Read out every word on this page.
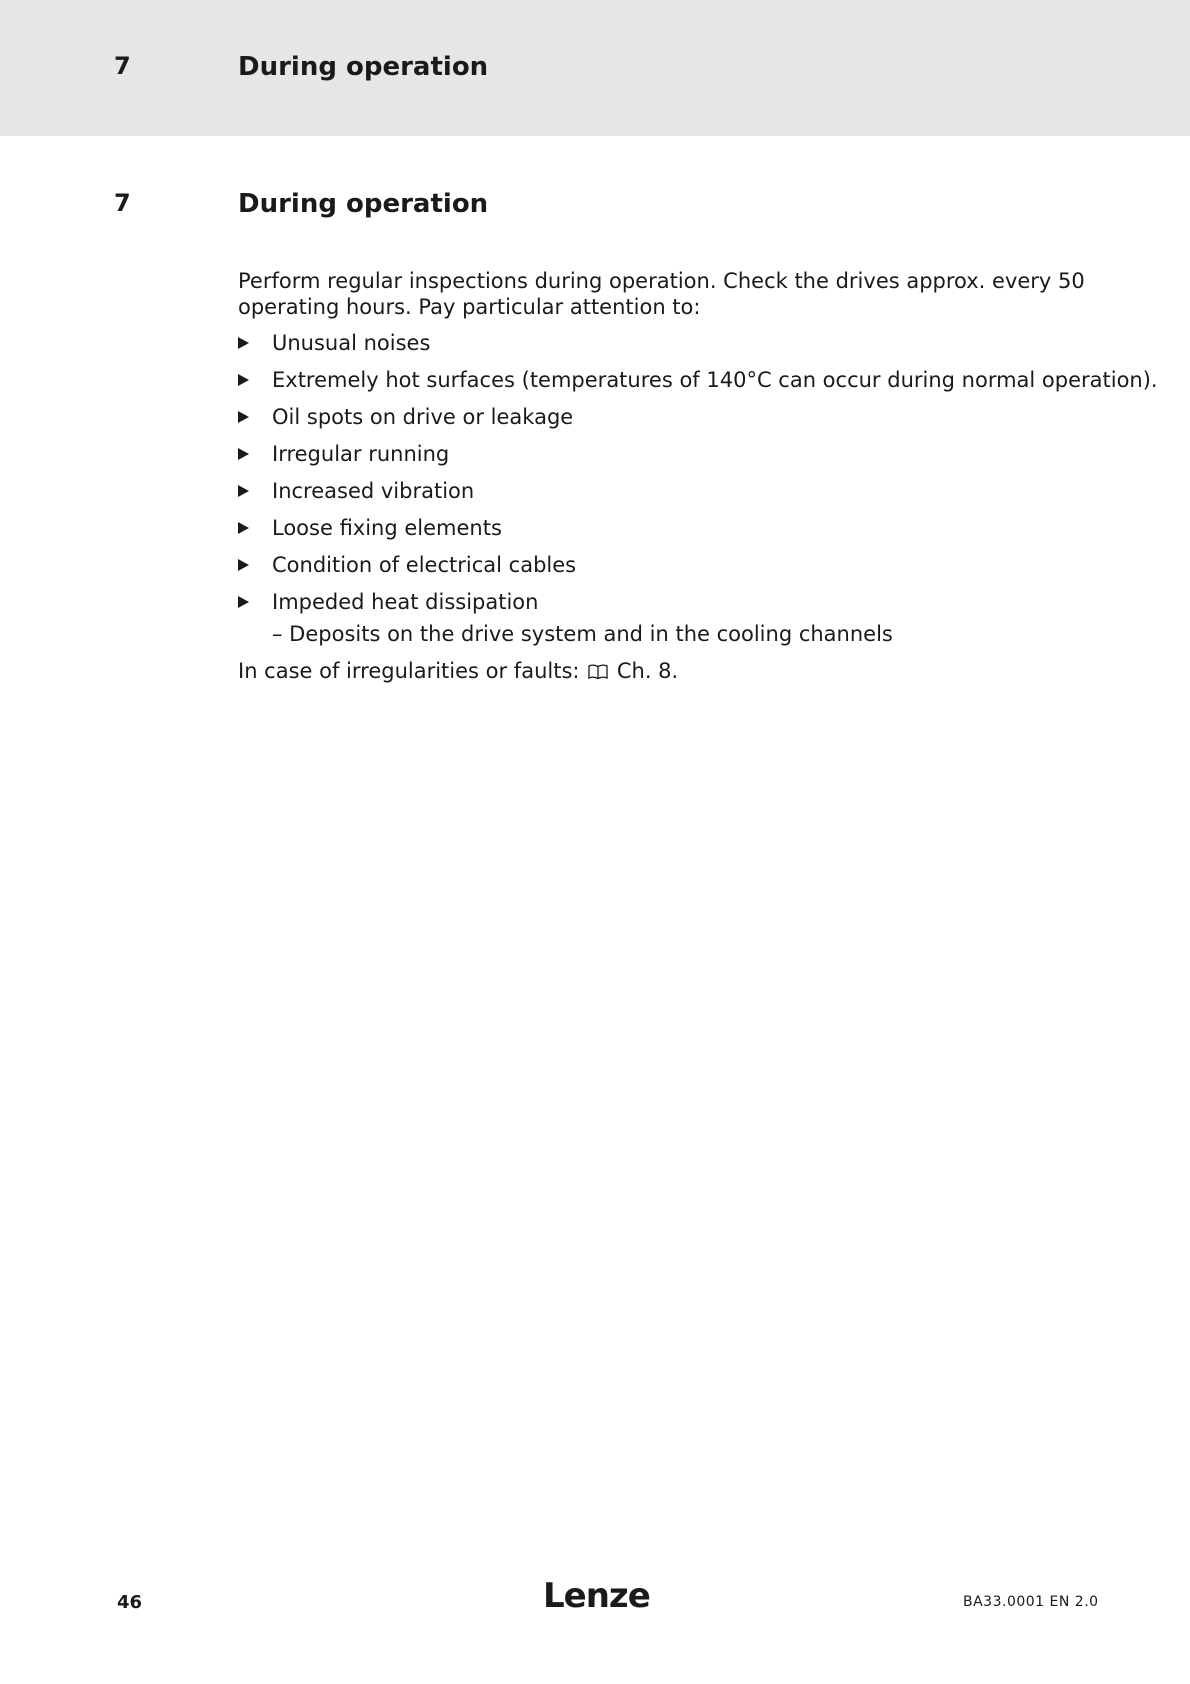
7	During operation
7	During operation

Perform regular inspections during operation. Check the drives approx. every 50 operating hours. Pay particular attention to:

Unusual noises
Extremely hot surfaces (temperatures of 140°C can occur during normal operation).
Oil spots on drive or leakage
Irregular running
Increased vibration
Loose fixing elements
Condition of electrical cables
Impeded heat dissipation
– Deposits on the drive system and in the cooling channels

In case of irregularities or faults: Ch. 8.

46	Lenze	BA33.0001 EN 2.0
